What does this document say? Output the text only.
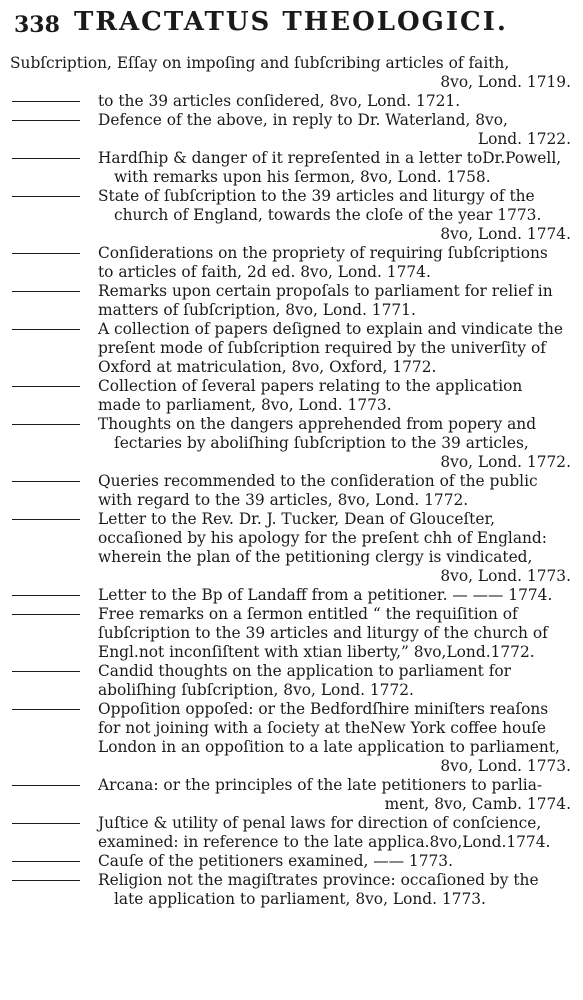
338 TRACTATUS THEOLOGICI.
Subſcription, Eſſay on impoſing and ſubſcribing articles of faith,
8vo, Lond. 1719.
to the 39 articles conſidered, 8vo, Lond. 1721.
Defence of the above, in reply to Dr. Waterland, 8vo,
Lond. 1722.
Hardſhip & danger of it repreſented in a letter toDr.Powell,
with remarks upon his ſermon, 8vo, Lond. 1758.
State of ſubſcription to the 39 articles and liturgy of the
church of England, towards the cloſe of the year 1773.
8vo, Lond. 1774.
Conſiderations on the propriety of requiring ſubſcriptions
to articles of faith, 2d ed. 8vo, Lond. 1774.
Remarks upon certain propoſals to parliament for relief in
matters of ſubſcription, 8vo, Lond. 1771.
A collection of papers deſigned to explain and vindicate the
preſent mode of ſubſcription required by the univerſity of
Oxford at matriculation, 8vo, Oxford, 1772.
Collection of ſeveral papers relating to the application
made to parliament, 8vo, Lond. 1773.
Thoughts on the dangers apprehended from popery and
ſectaries by aboliſhing ſubſcription to the 39 articles,
8vo, Lond. 1772.
Queries recommended to the conſideration of the public
with regard to the 39 articles, 8vo, Lond. 1772.
Letter to the Rev. Dr. J. Tucker, Dean of Glouceſter,
occaſioned by his apology for the preſent chh of England:
wherein the plan of the petitioning clergy is vindicated,
8vo, Lond. 1773.
Letter to the Bp of Landaff from a petitioner. — —— 1774.
Free remarks on a ſermon entitled “ the requiſition of
ſubſcription to the 39 articles and liturgy of the church of
Engl.not inconſiſtent with xtian liberty,” 8vo,Lond.1772.
Candid thoughts on the application to parliament for
aboliſhing ſubſcription, 8vo, Lond. 1772.
Oppoſition oppoſed: or the Bedfordſhire miniſters reaſons
for not joining with a ſociety at theNew York coffee houſe
London in an oppoſition to a late application to parliament,
8vo, Lond. 1773.
Arcana: or the principles of the late petitioners to parlia-
ment, 8vo, Camb. 1774.
Juſtice & utility of penal laws for direction of conſcience,
examined: in reference to the late applica.8vo,Lond.1774.
Cauſe of the petitioners examined, —— 1773.
Religion not the magiſtrates province: occaſioned by the
late application to parliament, 8vo, Lond. 1773.
